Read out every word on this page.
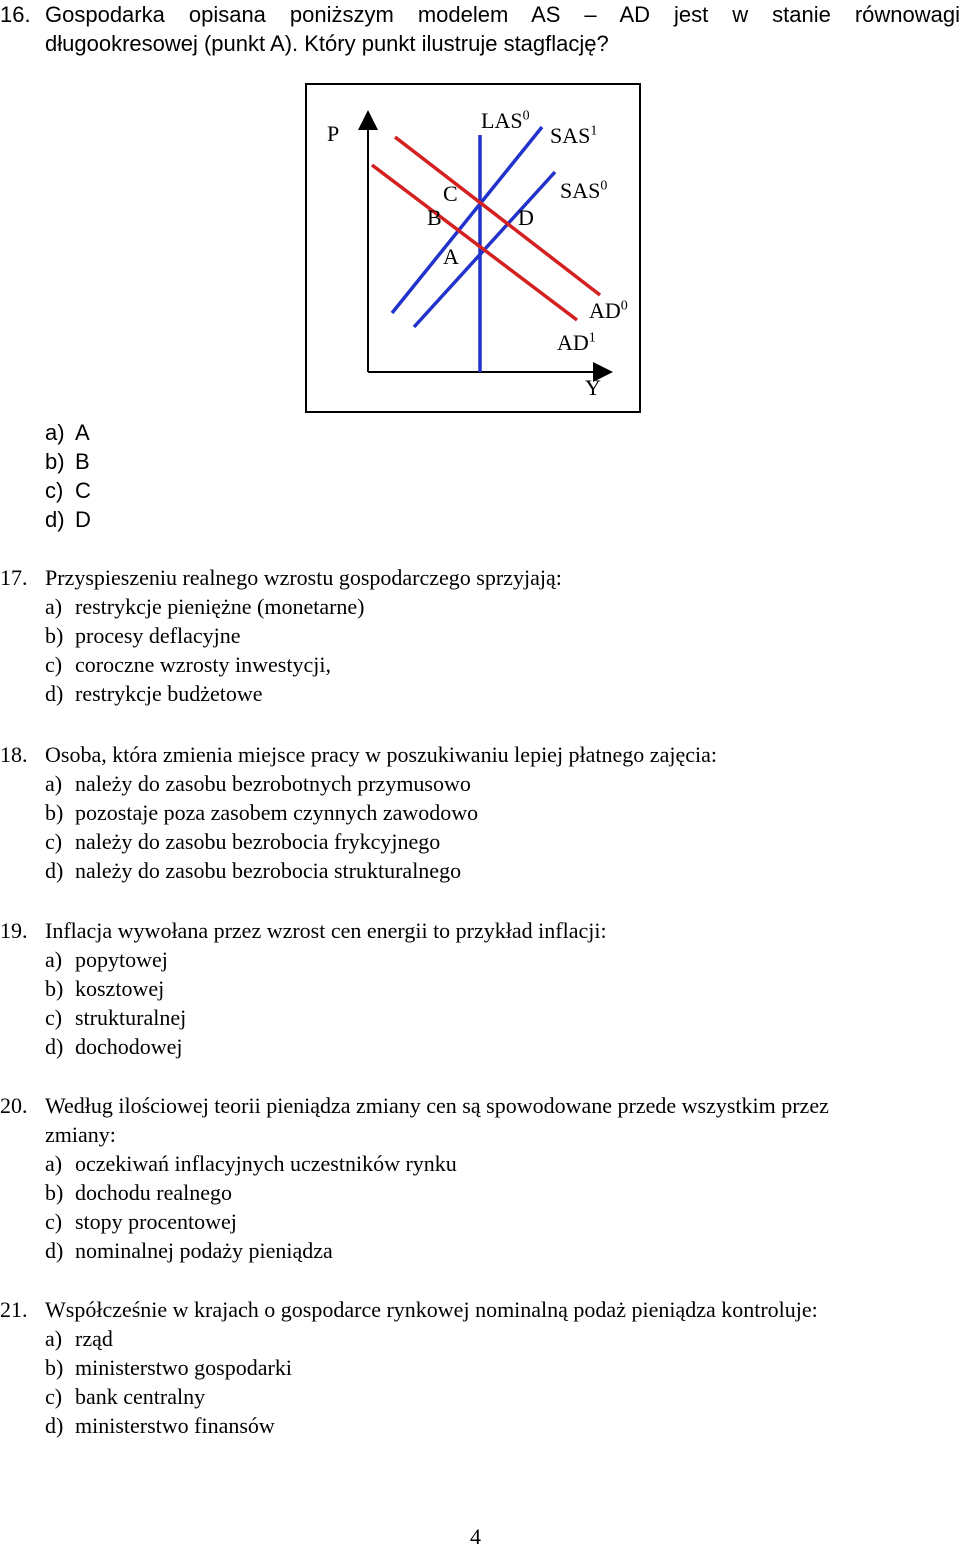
16. Gospodarka opisana poniższym modelem AS – AD jest w stanie równowagi
długookresowej (punkt A). Który punkt ilustruje stagflację?
P
Y
LAS$^0$
SAS$^1$
SAS$^0$
$AD^0$
$AD^1$
C
B	D
A
a) A
b) B
c) C
d) D
17. Przyspieszeniu realnego wzrostu gospodarczego sprzyjają:
a) restrykcje pieniężne (monetarne)
b) procesy deflacyjne
c) coroczne wzrosty inwestycji,
d) restrykcje budżetowe
18. Osoba, która zmienia miejsce pracy w poszukiwaniu lepiej płatnego zajęcia:
a) należy do zasobu bezrobotnych przymusowo
b) pozostaje poza zasobem czynnych zawodowo
c) należy do zasobu bezrobocia frykcyjnego
d) należy do zasobu bezrobocia strukturalnego
19. Inflacja wywołana przez wzrost cen energii to przykład inflacji:
a) popytowej
b) kosztowej
c) strukturalnej
d) dochodowej
20. Według ilościowej teorii pieniądza zmiany cen są spowodowane przede wszystkim przez
zmiany:
a) oczekiwań inflacyjnych uczestników rynku
b) dochodu realnego
c) stopy procentowej
d) nominalnej podaży pieniądza
21. Współcześnie w krajach o gospodarce rynkowej nominalną podaż pieniądza kontroluje:
a) rząd
b) ministerstwo gospodarki
c) bank centralny
d) ministerstwo finansów
4
